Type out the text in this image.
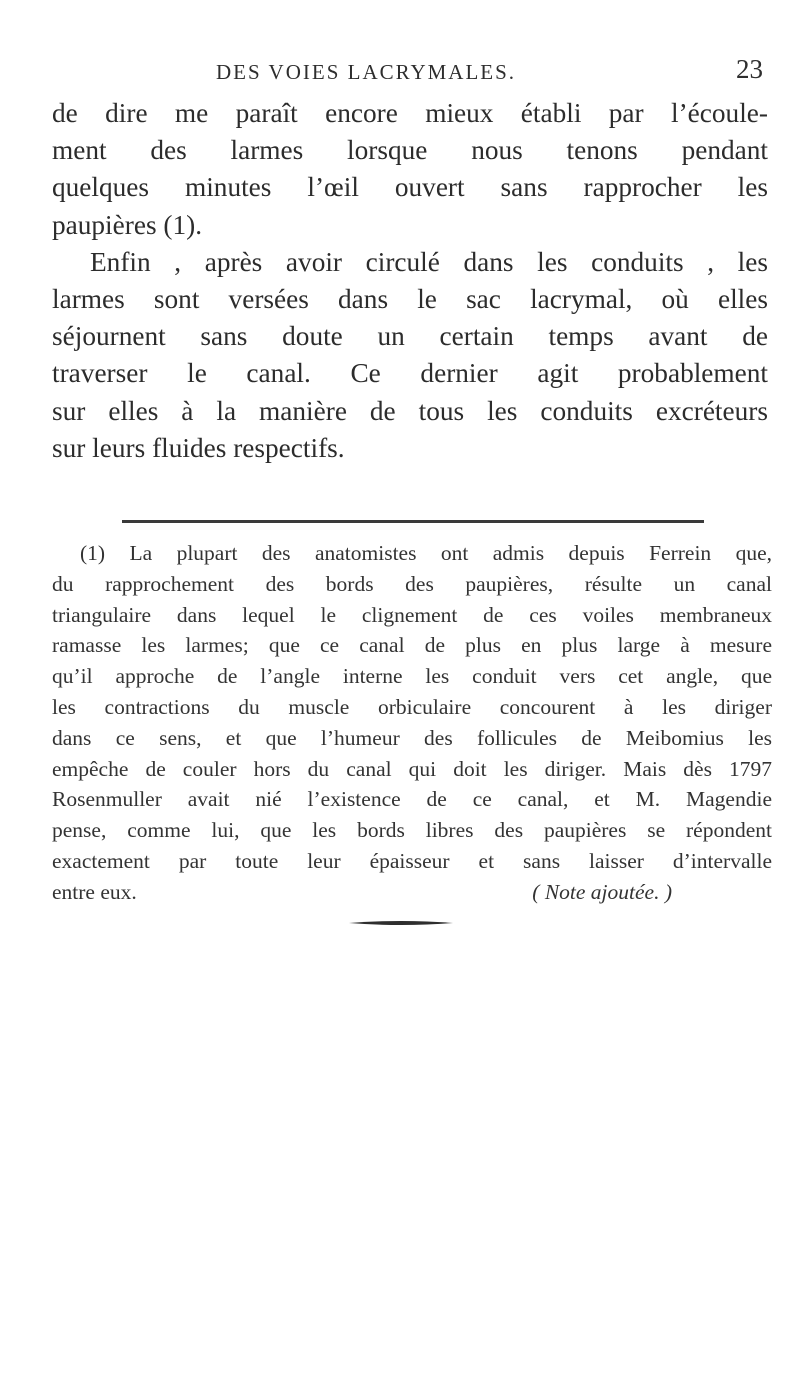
DES VOIES LACRYMALES.	23

de dire me paraît encore mieux établi par l’écoule-
ment des larmes lorsque nous tenons pendant
quelques minutes l’œil ouvert sans rapprocher les
paupières (1).

Enfin , après avoir circulé dans les conduits , les
larmes sont versées dans le sac lacrymal, où elles
séjournent sans doute un certain temps avant de
traverser le canal. Ce dernier agit probablement
sur elles à la manière de tous les conduits excréteurs
sur leurs fluides respectifs.

(1) La plupart des anatomistes ont admis depuis Ferrein que,
du rapprochement des bords des paupières, résulte un canal
triangulaire dans lequel le clignement de ces voiles membraneux
ramasse les larmes; que ce canal de plus en plus large à mesure
qu’il approche de l’angle interne les conduit vers cet angle, que
les contractions du muscle orbiculaire concourent à les diriger
dans ce sens, et que l’humeur des follicules de Meibomius les
empêche de couler hors du canal qui doit les diriger. Mais dès 1797
Rosenmuller avait nié l’existence de ce canal, et M. Magendie
pense, comme lui, que les bords libres des paupières se répondent
exactement par toute leur épaisseur et sans laisser d’intervalle
entre eux.	( Note ajoutée. )
